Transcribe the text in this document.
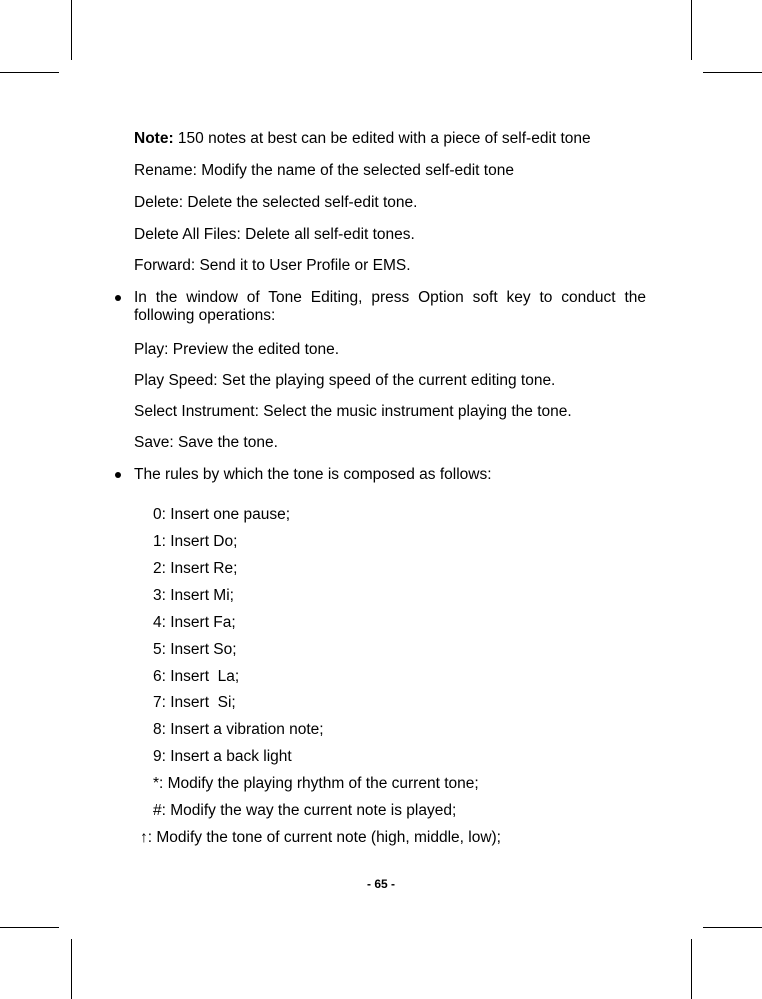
Note: 150 notes at best can be edited with a piece of self-edit tone
Rename: Modify the name of the selected self-edit tone
Delete: Delete the selected self-edit tone.
Delete All Files: Delete all self-edit tones.
Forward: Send it to User Profile or EMS.
In the window of Tone Editing, press Option soft key to conduct the following operations:
Play: Preview the edited tone.
Play Speed: Set the playing speed of the current editing tone.
Select Instrument: Select the music instrument playing the tone.
Save: Save the tone.
The rules by which the tone is composed as follows:
0: Insert one pause;
1: Insert Do;
2: Insert Re;
3: Insert Mi;
4: Insert Fa;
5: Insert So;
6: Insert  La;
7: Insert  Si;
8: Insert a vibration note;
9: Insert a back light
*: Modify the playing rhythm of the current tone;
#: Modify the way the current note is played;
↑: Modify the tone of current note (high, middle, low);
- 65 -
